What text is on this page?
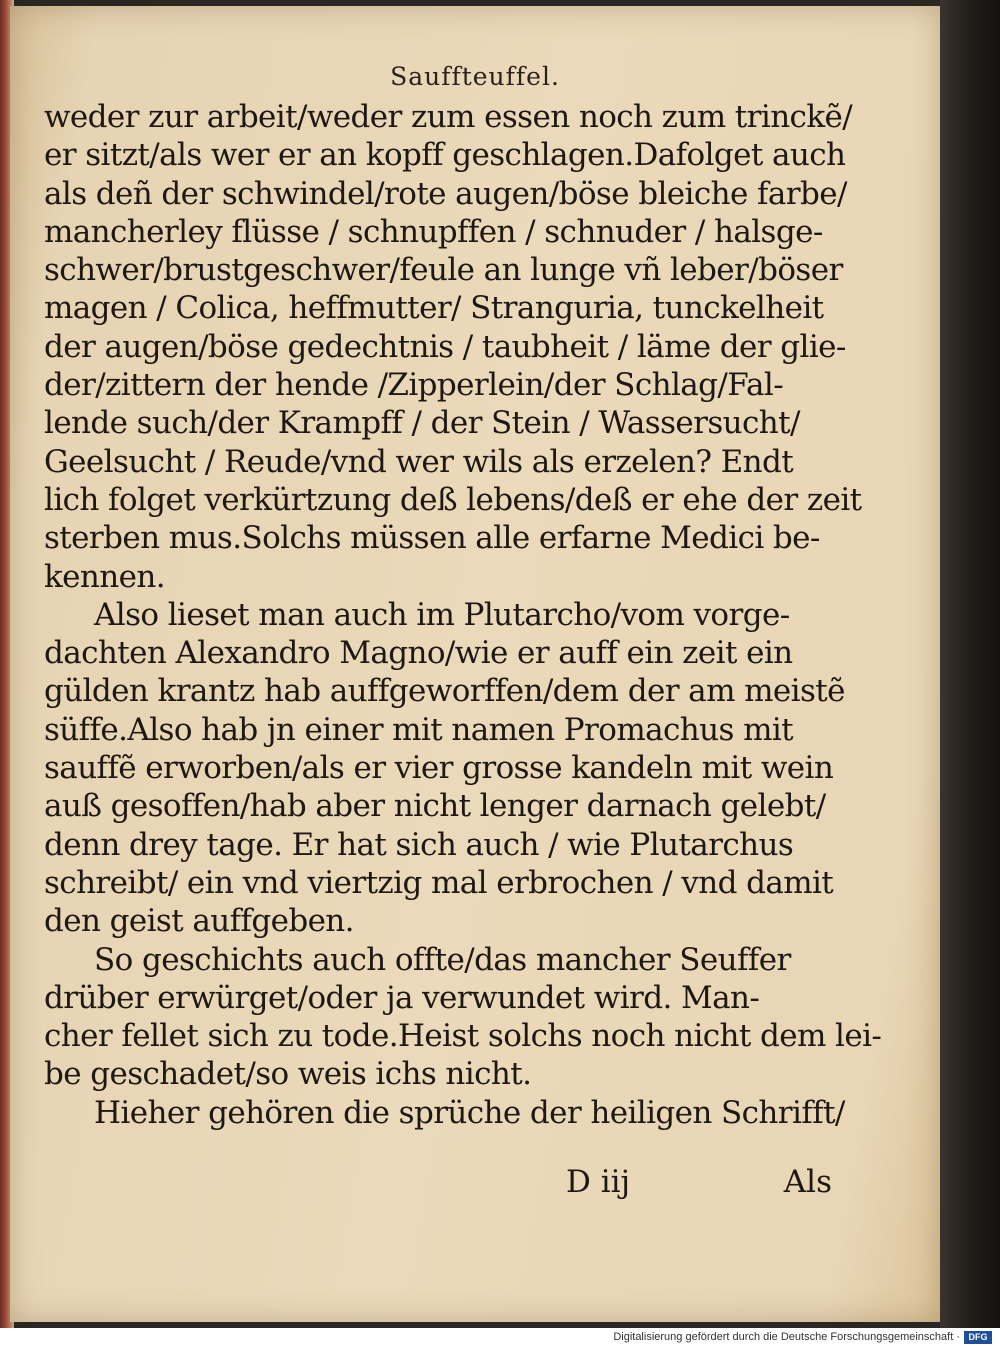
Sauffteuffel.
weder zur arbeit/weder zum essen noch zum trinckẽ/
er sitzt/als wer er an kopff geschlagen.Dafolget auch
als deñ der schwindel/rote augen/böse bleiche farbe/
mancherley flüsse / schnupffen / schnuder / halsge-
schwer/brustgeschwer/feule an lunge vñ leber/böser
magen / Colica, heffmutter/ Stranguria, tunckelheit
der augen/böse gedechtnis / taubheit / läme der glie-
der/zittern der hende /Zipperlein/der Schlag/Fal-
lende such/der Krampff / der Stein / Wassersucht/
Geelsucht / Reude/vnd wer wils als erzelen? Endt
lich folget verkürtzung deß lebens/deß er ehe der zeit
sterben mus.Solchs müssen alle erfarne Medici be-
kennen.
Also lieset man auch im Plutarcho/vom vorge-
dachten Alexandro Magno/wie er auff ein zeit ein
gülden krantz hab auffgeworffen/dem der am meistẽ
süffe.Also hab jn einer mit namen Promachus mit
sauffẽ erworben/als er vier grosse kandeln mit wein
auß gesoffen/hab aber nicht lenger darnach gelebt/
denn drey tage. Er hat sich auch / wie Plutarchus
schreibt/ ein vnd viertzig mal erbrochen / vnd damit
den geist auffgeben.
So geschichts auch offte/das mancher Seuffer
drüber erwürget/oder ja verwundet wird. Man-
cher fellet sich zu tode.Heist solchs noch nicht dem lei-
be geschadet/so weis ichs nicht.
Hieher gehören die sprüche der heiligen Schrifft/
D iij	Als
Digitalisierung gefördert durch die Deutsche Forschungsgemeinschaft · DFG
